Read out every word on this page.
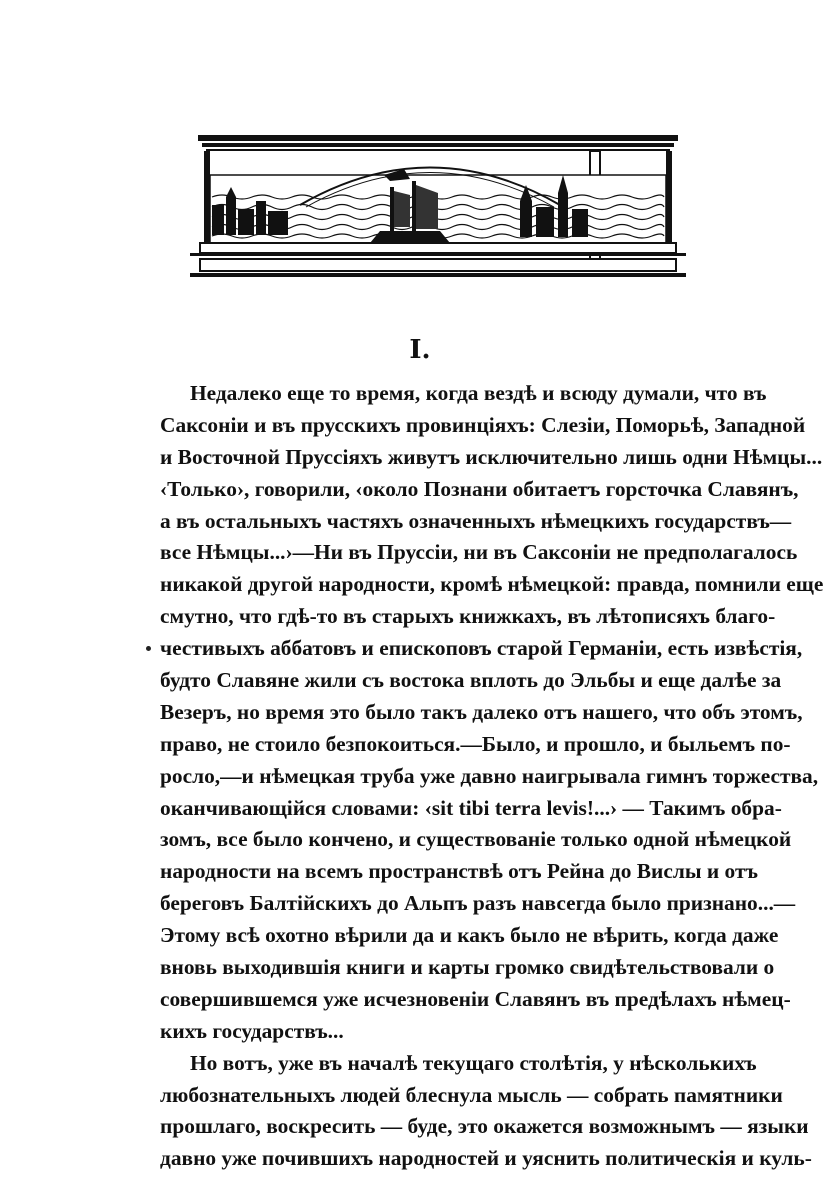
I.
Недалеко еще то время, когда вездѣ и всюду думали, что въ
Саксоніи и въ прусскихъ провинціяхъ: Слезіи, Поморьѣ, Западной
и Восточной Пруссіяхъ живутъ исключительно лишь одни Нѣмцы...
‹Только›, говорили, ‹около Познани обитаетъ горсточка Славянъ,
а въ остальныхъ частяхъ означенныхъ нѣмецкихъ государствъ—
все Нѣмцы...›—Ни въ Пруссіи, ни въ Саксоніи не предполагалось
никакой другой народности, кромѣ нѣмецкой: правда, помнили еще
смутно, что гдѣ-то въ старыхъ книжкахъ, въ лѣтописяхъ благо-
честивыхъ аббатовъ и епископовъ старой Германіи, есть извѣстія,
будто Славяне жили съ востока вплоть до Эльбы и еще далѣе за
Везеръ, но время это было такъ далеко отъ нашего, что объ этомъ,
право, не стоило безпокоиться.—Было, и прошло, и быльемъ по-
росло,—и нѣмецкая труба уже давно наигрывала гимнъ торжества,
оканчивающійся словами: ‹sit tibi terra levis!...› — Такимъ обра-
зомъ, все было кончено, и существованіе только одной нѣмецкой
народности на всемъ пространствѣ отъ Рейна до Вислы и отъ
береговъ Балтійскихъ до Альпъ разъ навсегда было признано...—
Этому всѣ охотно вѣрили да и какъ было не вѣрить, когда даже
вновь выходившія книги и карты громко свидѣтельствовали о
совершившемся уже исчезновеніи Славянъ въ предѣлахъ нѣмец-
кихъ государствъ...
Но вотъ, уже въ началѣ текущаго столѣтія, у нѣсколькихъ
любознательныхъ людей блеснула мысль — собрать памятники
прошлаго, воскресить — буде, это окажется возможнымъ — языки
давно уже почившихъ народностей и уяснить политическія и куль-
